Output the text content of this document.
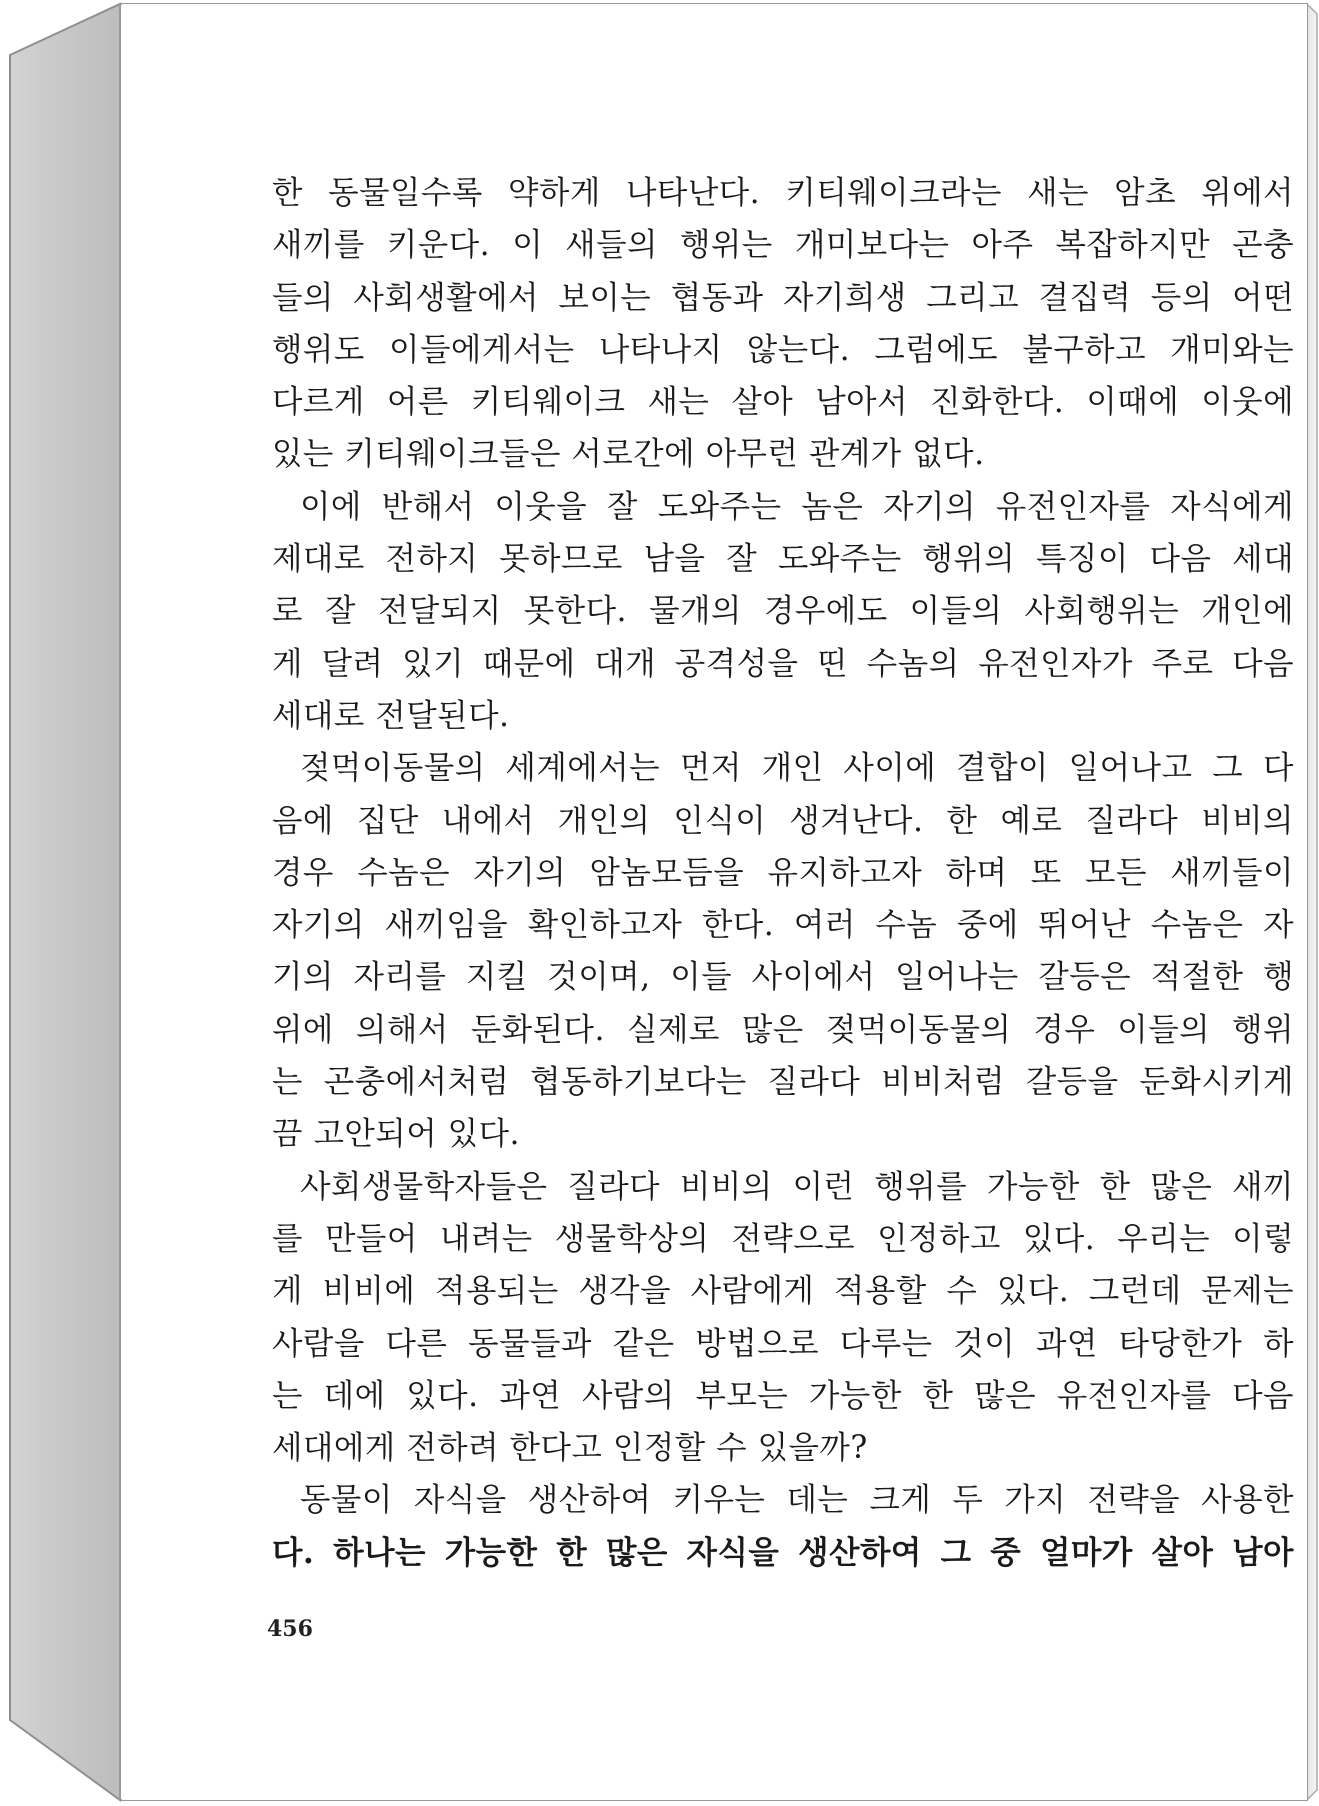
한 동물일수록 약하게 나타난다. 키티웨이크라는 새는 암초 위에서
새끼를 키운다. 이 새들의 행위는 개미보다는 아주 복잡하지만 곤충
들의 사회생활에서 보이는 협동과 자기희생 그리고 결집력 등의 어떤
행위도 이들에게서는 나타나지 않는다. 그럼에도 불구하고 개미와는
다르게 어른 키티웨이크 새는 살아 남아서 진화한다. 이때에 이웃에
있는 키티웨이크들은 서로간에 아무런 관계가 없다.
이에 반해서 이웃을 잘 도와주는 놈은 자기의 유전인자를 자식에게
제대로 전하지 못하므로 남을 잘 도와주는 행위의 특징이 다음 세대
로 잘 전달되지 못한다. 물개의 경우에도 이들의 사회행위는 개인에
게 달려 있기 때문에 대개 공격성을 띤 수놈의 유전인자가 주로 다음
세대로 전달된다.
젖먹이동물의 세계에서는 먼저 개인 사이에 결합이 일어나고 그 다
음에 집단 내에서 개인의 인식이 생겨난다. 한 예로 질라다 비비의
경우 수놈은 자기의 암놈모듬을 유지하고자 하며 또 모든 새끼들이
자기의 새끼임을 확인하고자 한다. 여러 수놈 중에 뛰어난 수놈은 자
기의 자리를 지킬 것이며, 이들 사이에서 일어나는 갈등은 적절한 행
위에 의해서 둔화된다. 실제로 많은 젖먹이동물의 경우 이들의 행위
는 곤충에서처럼 협동하기보다는 질라다 비비처럼 갈등을 둔화시키게
끔 고안되어 있다.
사회생물학자들은 질라다 비비의 이런 행위를 가능한 한 많은 새끼
를 만들어 내려는 생물학상의 전략으로 인정하고 있다. 우리는 이렇
게 비비에 적용되는 생각을 사람에게 적용할 수 있다. 그런데 문제는
사람을 다른 동물들과 같은 방법으로 다루는 것이 과연 타당한가 하
는 데에 있다. 과연 사람의 부모는 가능한 한 많은 유전인자를 다음
세대에게 전하려 한다고 인정할 수 있을까?
동물이 자식을 생산하여 키우는 데는 크게 두 가지 전략을 사용한
다. 하나는 가능한 한 많은 자식을 생산하여 그 중 얼마가 살아 남아
456
